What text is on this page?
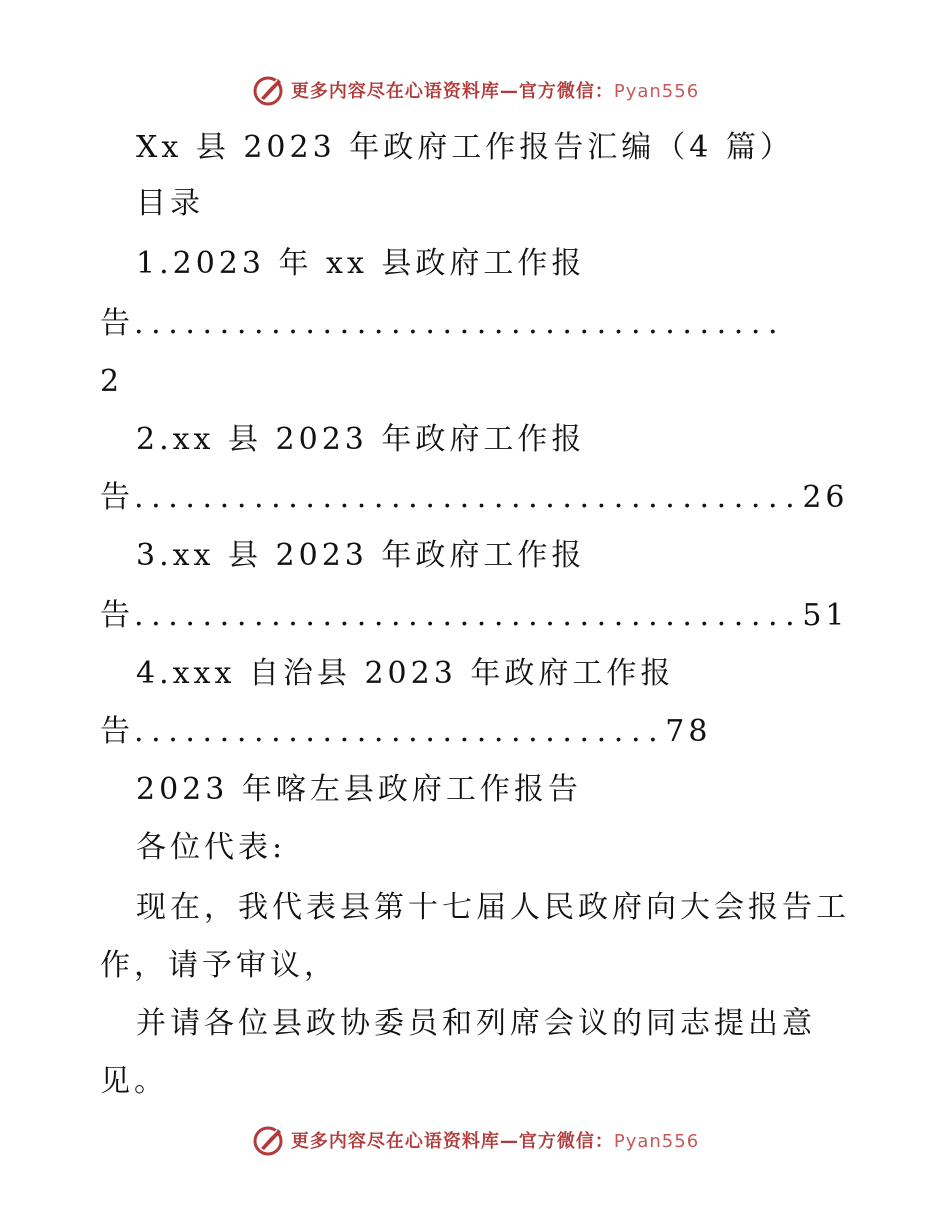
更多内容尽在心语资料库—官方微信：Pyan556
Xx 县 2023 年政府工作报告汇编（4 篇）
目录
1.2023 年 xx 县政府工作报
告......................................
2
2.xx 县 2023 年政府工作报
告.......................................26
3.xx 县 2023 年政府工作报
告.......................................51
4.xxx 自治县 2023 年政府工作报
告...............................78
2023 年喀左县政府工作报告
各位代表:
现在，我代表县第十七届人民政府向大会报告工
作，请予审议，
并请各位县政协委员和列席会议的同志提出意
见。
更多内容尽在心语资料库—官方微信：Pyan556
